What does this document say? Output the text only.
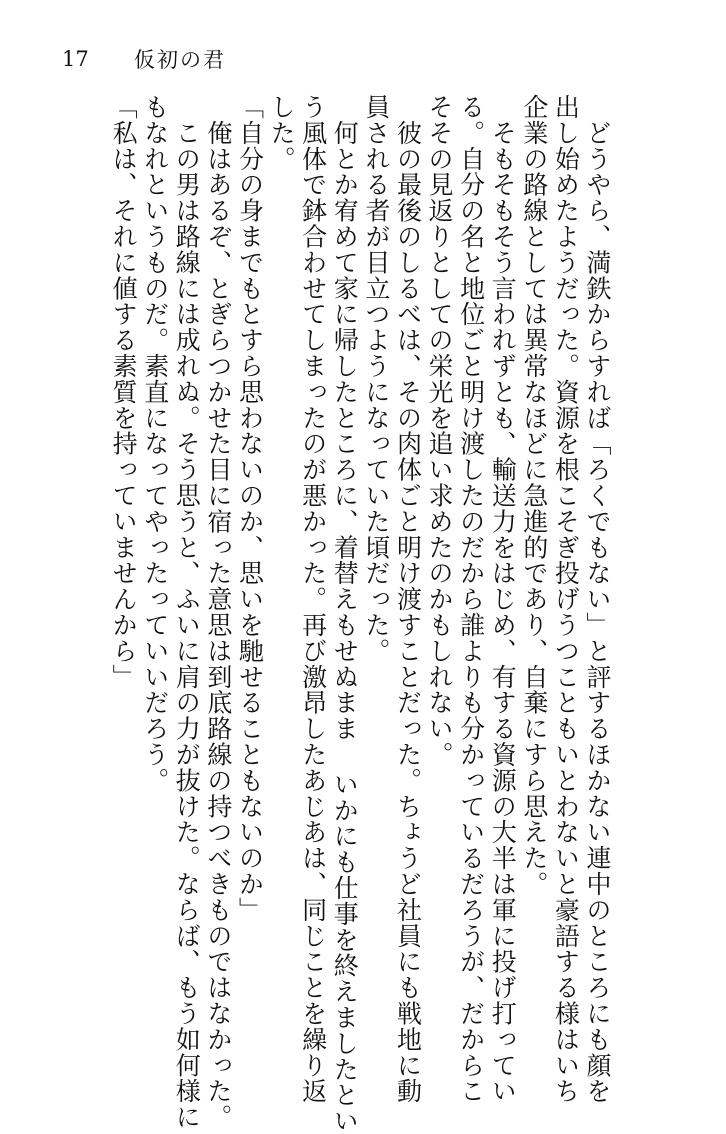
17	仮初の君

　どうやら、満鉄からすれば「ろくでもない」と評するほかない連中のところにも顔を

出し始めたようだった。資源を根こそぎ投げうつこともいとわないと豪語する様はいち

企業の路線としては異常なほどに急進的であり、自棄にすら思えた。

　そもそもそう言われずとも、輸送力をはじめ、有する資源の大半は軍に投げ打ってい

る。自分の名と地位ごと明け渡したのだから誰よりも分かっているだろうが、だからこ

そその見返りとしての栄光を追い求めたのかもしれない。

　彼の最後のしるべは、その肉体ごと明け渡すことだった。ちょうど社員にも戦地に動

員される者が目立つようになっていた頃だった。

　何とか宥めて家に帰したところに、着替えもせぬまま いかにも仕事を終えましたとい

う風体で鉢合わせてしまったのが悪かった。再び激昂したあじあは、同じことを繰り返

した。

「自分の身までもとすら思わないのか、思いを馳せることもないのか」

　俺はあるぞ、とぎらつかせた目に宿った意思は到底路線の持つべきものではなかった。

　この男は路線には成れぬ。そう思うと、ふいに肩の力が抜けた。ならば、もう如何様に

もなれというものだ。素直になってやったっていいだろう。

「私は、それに値する素質を持っていませんから」
